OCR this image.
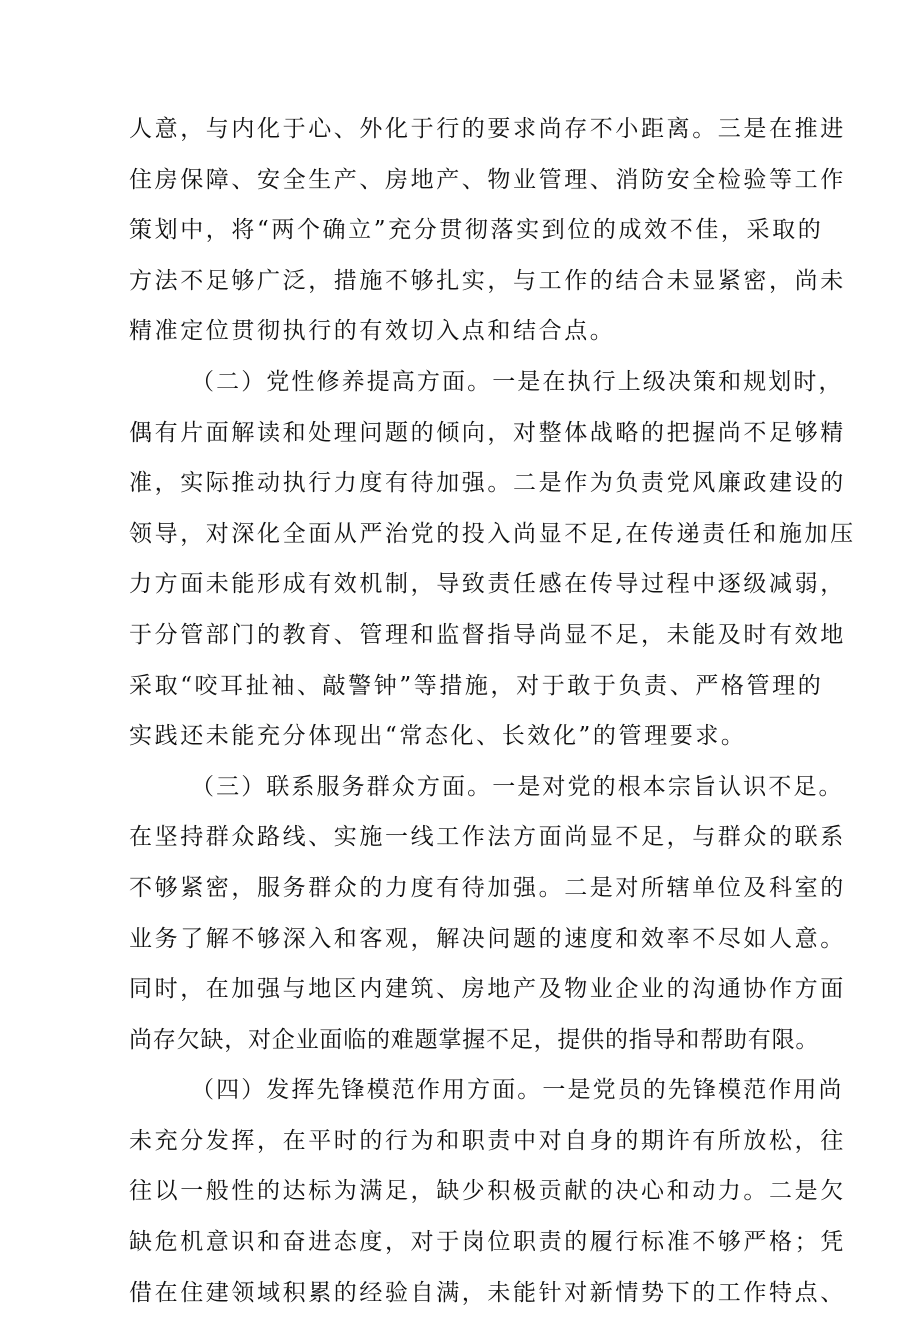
人意，与内化于心、外化于行的要求尚存不小距离。三是在推进
住房保障、安全生产、房地产、物业管理、消防安全检验等工作
策划中，将“两个确立”充分贯彻落实到位的成效不佳，采取的
方法不足够广泛，措施不够扎实，与工作的结合未显紧密，尚未
精准定位贯彻执行的有效切入点和结合点。
（二）党性修养提高方面。一是在执行上级决策和规划时，
偶有片面解读和处理问题的倾向，对整体战略的把握尚不足够精
准，实际推动执行力度有待加强。二是作为负责党风廉政建设的
领导，对深化全面从严治党的投入尚显不足,在传递责任和施加压
力方面未能形成有效机制，导致责任感在传导过程中逐级减弱，
于分管部门的教育、管理和监督指导尚显不足，未能及时有效地
采取“咬耳扯袖、敲警钟”等措施，对于敢于负责、严格管理的
实践还未能充分体现出“常态化、长效化”的管理要求。
（三）联系服务群众方面。一是对党的根本宗旨认识不足。
在坚持群众路线、实施一线工作法方面尚显不足，与群众的联系
不够紧密，服务群众的力度有待加强。二是对所辖单位及科室的
业务了解不够深入和客观，解决问题的速度和效率不尽如人意。
同时，在加强与地区内建筑、房地产及物业企业的沟通协作方面
尚存欠缺，对企业面临的难题掌握不足，提供的指导和帮助有限。
（四）发挥先锋模范作用方面。一是党员的先锋模范作用尚
未充分发挥，在平时的行为和职责中对自身的期许有所放松，往
往以一般性的达标为满足，缺少积极贡献的决心和动力。二是欠
缺危机意识和奋进态度，对于岗位职责的履行标准不够严格；凭
借在住建领域积累的经验自满，未能针对新情势下的工作特点、
